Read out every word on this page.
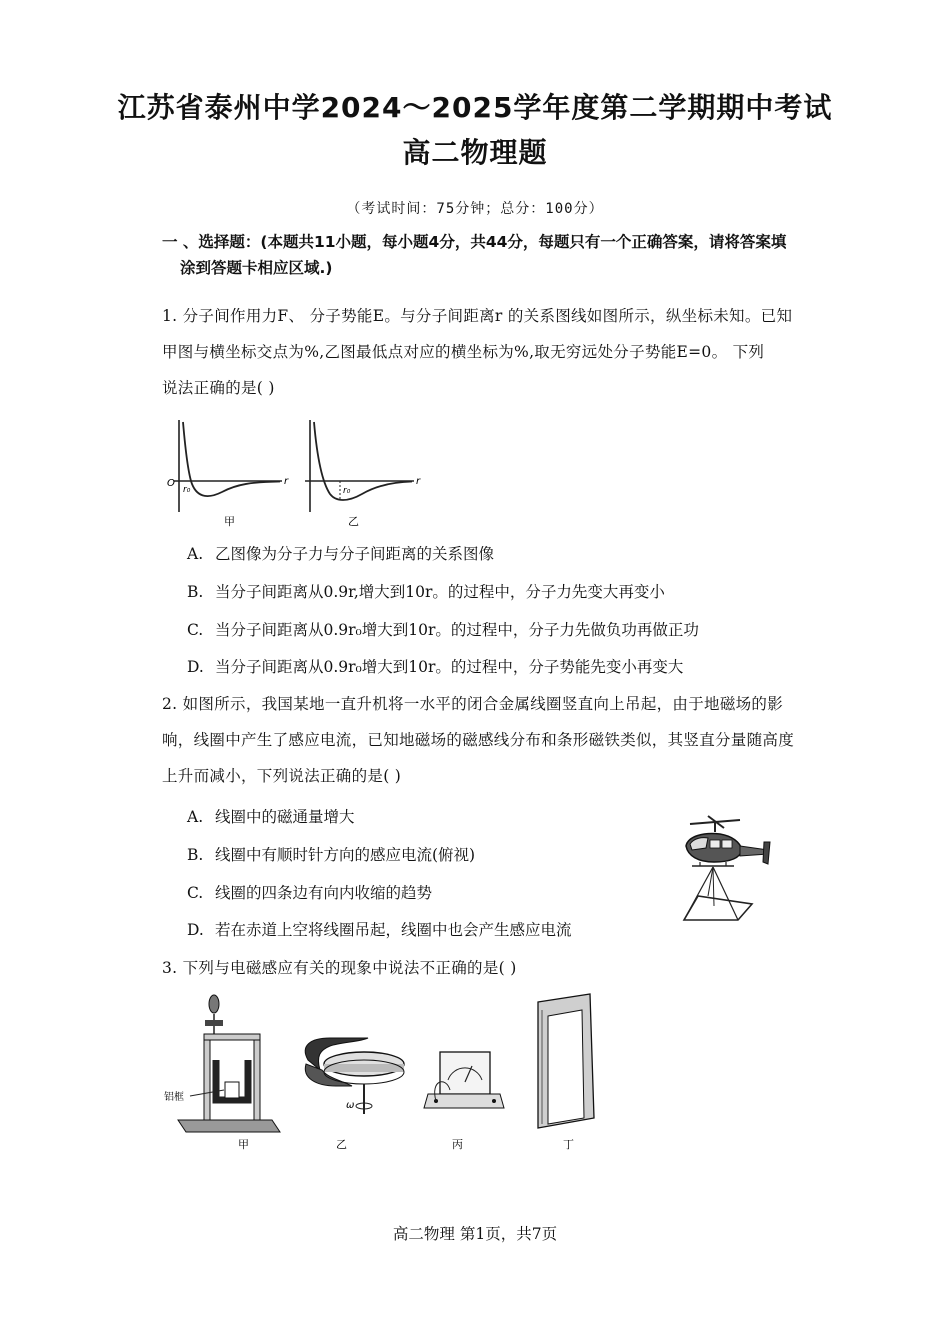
江苏省泰州中学2024～2025学年度第二学期期中考试
高二物理题
（考试时间：75分钟；总分：100分）
一 、选择题：(本题共11小题，每小题4分，共44分，每题只有一个正确答案，请将答案填
涂到答题卡相应区域.)
1. 分子间作用力F、 分子势能E。与分子间距离r 的关系图线如图所示，纵坐标未知。已知
甲图与横坐标交点为%,乙图最低点对应的横坐标为%,取无穷远处分子势能E=0。 下列
说法正确的是( )
O
r₀
r
r₀
r
甲	乙
A. 乙图像为分子力与分子间距离的关系图像
B. 当分子间距离从0.9r,增大到10r。的过程中，分子力先变大再变小
C. 当分子间距离从0.9r₀增大到10r。的过程中，分子力先做负功再做正功
D. 当分子间距离从0.9r₀增大到10r。的过程中，分子势能先变小再变大
2. 如图所示，我国某地一直升机将一水平的闭合金属线圈竖直向上吊起，由于地磁场的影
响，线圈中产生了感应电流，已知地磁场的磁感线分布和条形磁铁类似，其竖直分量随高度
上升而减小，下列说法正确的是( )
A. 线圈中的磁通量增大
B. 线圈中有顺时针方向的感应电流(俯视)
C. 线圈的四条边有向内收缩的趋势
D. 若在赤道上空将线圈吊起，线圈中也会产生感应电流
3. 下列与电磁感应有关的现象中说法不正确的是( )
铝框
ω
甲	乙	丙	丁
高二物理 第1页，共7页
